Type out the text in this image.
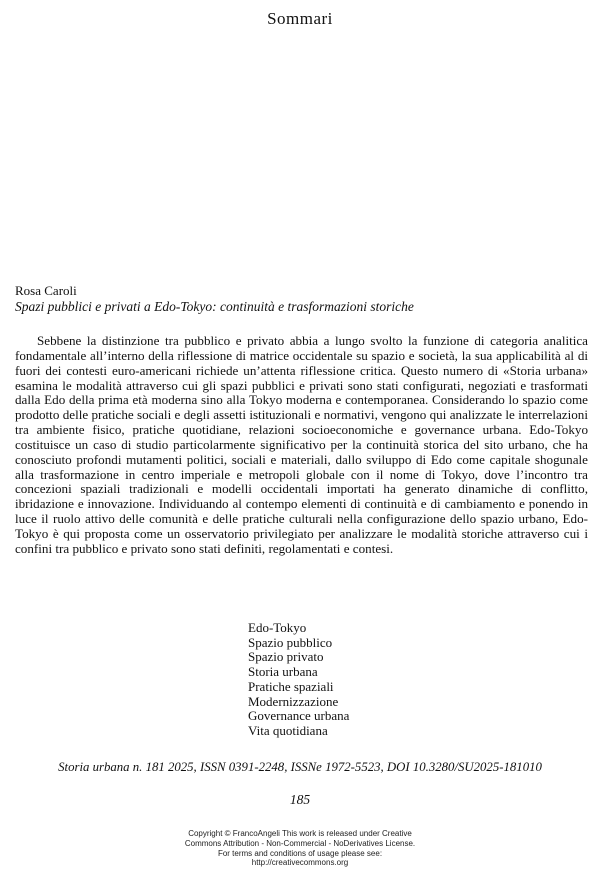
Sommari
Rosa Caroli
Spazi pubblici e privati a Edo-Tokyo: continuità e trasformazioni storiche

Sebbene la distinzione tra pubblico e privato abbia a lungo svolto la funzione di categoria analitica fondamentale all’interno della riflessione di matrice occidentale su spazio e società, la sua applicabilità al di fuori dei contesti euro-americani richiede un’attenta riflessione critica. Questo numero di «Storia urbana» esamina le modalità attraverso cui gli spazi pubblici e privati sono stati configurati, negoziati e trasformati dalla Edo della prima età moderna sino alla Tokyo moderna e contemporanea. Considerando lo spazio come prodotto delle pratiche sociali e degli assetti istituzionali e normativi, vengono qui analizzate le interrelazioni tra ambiente fisico, pratiche quotidiane, relazioni socioeconomiche e governance urbana. Edo-Tokyo costituisce un caso di studio particolarmente significativo per la continuità storica del sito urbano, che ha conosciuto profondi mutamenti politici, sociali e materiali, dallo sviluppo di Edo come capitale shogunale alla trasformazione in centro imperiale e metropoli globale con il nome di Tokyo, dove l’incontro tra concezioni spaziali tradizionali e modelli occidentali importati ha generato dinamiche di conflitto, ibridazione e innovazione. Individuando al contempo elementi di continuità e di cambiamento e ponendo in luce il ruolo attivo delle comunità e delle pratiche culturali nella configurazione dello spazio urbano, Edo-Tokyo è qui proposta come un osservatorio privilegiato per analizzare le modalità storiche attraverso cui i confini tra pubblico e privato sono stati definiti, regolamentati e contesi.

Edo-Tokyo
Spazio pubblico
Spazio privato
Storia urbana
Pratiche spaziali
Modernizzazione
Governance urbana
Vita quotidiana
Storia urbana n. 181 2025, ISSN 0391-2248, ISSNe 1972-5523, DOI 10.3280/SU2025-181010
185
Copyright © FrancoAngeli This work is released under Creative
Commons Attribution - Non-Commercial - NoDerivatives License.
For terms and conditions of usage please see:
http://creativecommons.org
